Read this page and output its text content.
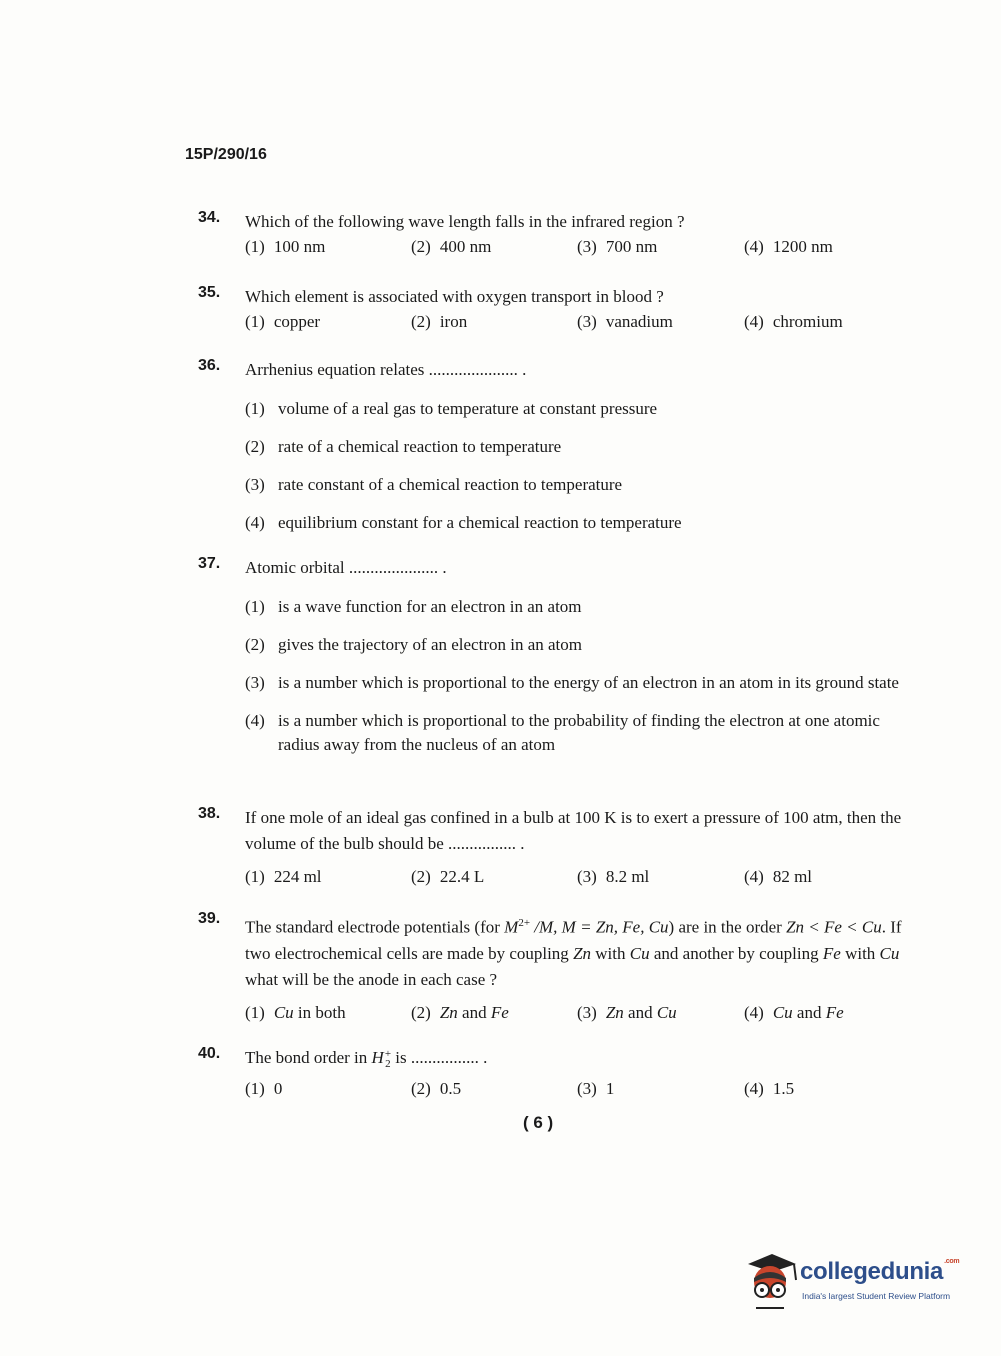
15P/290/16
34. Which of the following wave length falls in the infrared region ?
(1) 100 nm	(2) 400 nm	(3) 700 nm	(4) 1200 nm
35. Which element is associated with oxygen transport in blood ?
(1) copper	(2) iron	(3) vanadium	(4) chromium
36. Arrhenius equation relates ..................... .
(1) volume of a real gas to temperature at constant pressure
(2) rate of a chemical reaction to temperature
(3) rate constant of a chemical reaction to temperature
(4) equilibrium constant for a chemical reaction to temperature
37. Atomic orbital ..................... .
(1) is a wave function for an electron in an atom
(2) gives the trajectory of an electron in an atom
(3) is a number which is proportional to the energy of an electron in an atom in its ground state
(4) is a number which is proportional to the probability of finding the electron at one atomic radius away from the nucleus of an atom
38. If one mole of an ideal gas confined in a bulb at 100 K is to exert a pressure of 100 atm, then the volume of the bulb should be ................ .
(1) 224 ml	(2) 22.4 L	(3) 8.2 ml	(4) 82 ml
39. The standard electrode potentials (for $M^{2+}$ /M, M = Zn, Fe, Cu) are in the order Zn < Fe < Cu. If two electrochemical cells are made by coupling Zn with Cu and another by coupling Fe with Cu what will be the anode in each case ?
(1) Cu in both	(2) Zn and Fe	(3) Zn and Cu	(4) Cu and Fe
40. The bond order in H +
2 is ................ .
(1) 0	(2) 0.5	(3) 1	(4) 1.5
( 6 )
collegedunia$^{.com}$
India's largest Student Review Platform
